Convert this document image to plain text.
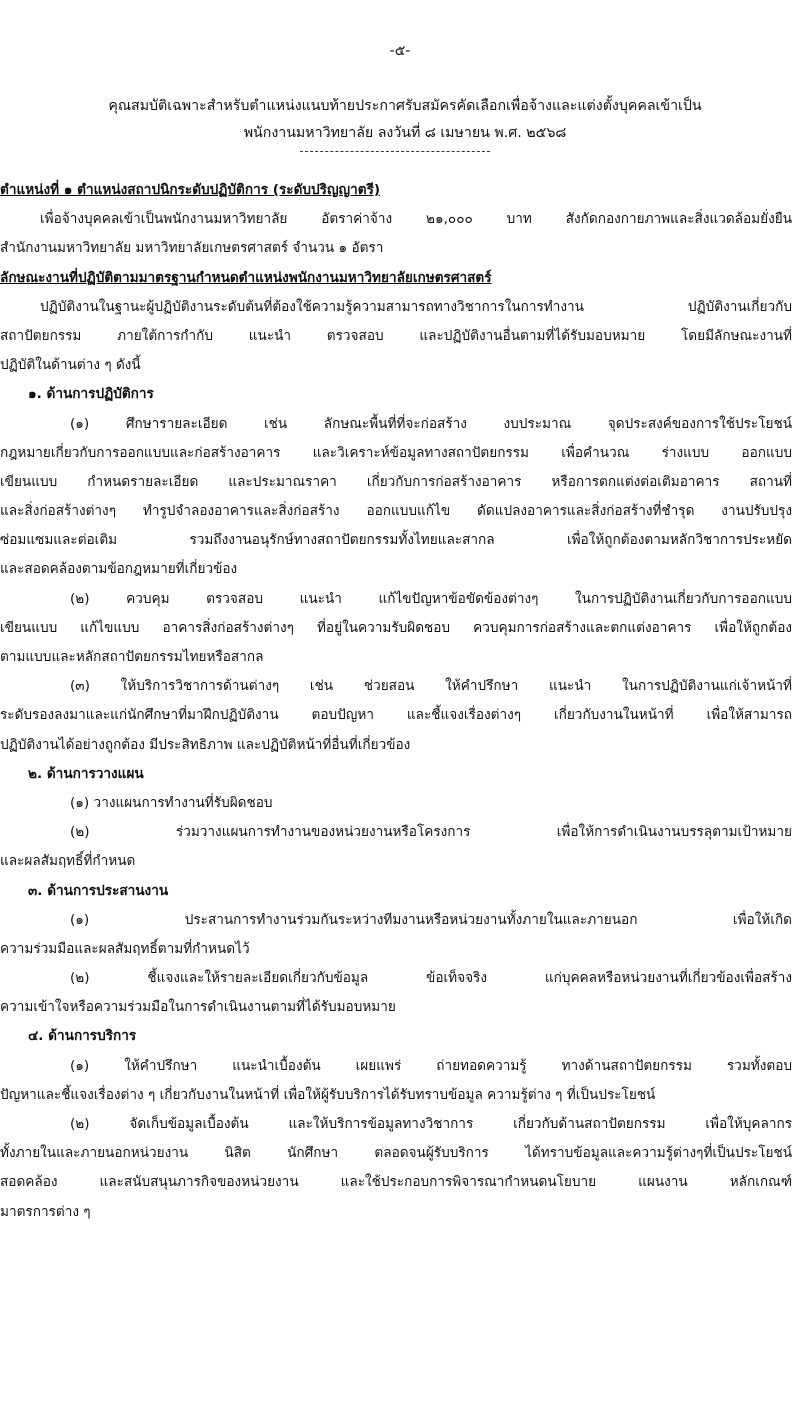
-๕-
คุณสมบัติเฉพาะสำหรับตำแหน่งแนบท้ายประกาศรับสมัครคัดเลือกเพื่อจ้างและแต่งตั้งบุคคลเข้าเป็น
พนักงานมหาวิทยาลัย ลงวันที่ ๘ เมษายน พ.ศ. ๒๕๖๘
ตำแหน่งที่ ๑ ตำแหน่งสถาปนิกระดับปฏิบัติการ (ระดับปริญญาตรี)
เพื่อจ้างบุคคลเข้าเป็นพนักงานมหาวิทยาลัย อัตราค่าจ้าง ๒๑,๐๐๐ บาท สังกัดกองกายภาพและสิ่งแวดล้อมยั่งยืน
สำนักงานมหาวิทยาลัย มหาวิทยาลัยเกษตรศาสตร์ จำนวน ๑ อัตรา
ลักษณะงานที่ปฏิบัติตามมาตรฐานกำหนดตำแหน่งพนักงานมหาวิทยาลัยเกษตรศาสตร์
ปฏิบัติงานในฐานะผู้ปฏิบัติงานระดับต้นที่ต้องใช้ความรู้ความสามารถทางวิชาการในการทำงาน ปฏิบัติงานเกี่ยวกับ
สถาปัตยกรรม ภายใต้การกำกับ แนะนำ ตรวจสอบ และปฏิบัติงานอื่นตามที่ได้รับมอบหมาย โดยมีลักษณะงานที่
ปฏิบัติในด้านต่าง ๆ ดังนี้
๑. ด้านการปฏิบัติการ
(๑) ศึกษารายละเอียด เช่น ลักษณะพื้นที่ที่จะก่อสร้าง งบประมาณ จุดประสงค์ของการใช้ประโยชน์
กฎหมายเกี่ยวกับการออกแบบและก่อสร้างอาคาร และวิเคราะห์ข้อมูลทางสถาปัตยกรรม เพื่อคำนวณ ร่างแบบ ออกแบบ
เขียนแบบ กำหนดรายละเอียด และประมาณราคา เกี่ยวกับการก่อสร้างอาคาร หรือการตกแต่งต่อเติมอาคาร สถานที่
และสิ่งก่อสร้างต่างๆ ทำรูปจำลองอาคารและสิ่งก่อสร้าง ออกแบบแก้ไข ดัดแปลงอาคารและสิ่งก่อสร้างที่ชำรุด งานปรับปรุง
ซ่อมแซมและต่อเติม รวมถึงงานอนุรักษ์ทางสถาปัตยกรรมทั้งไทยและสากล เพื่อให้ถูกต้องตามหลักวิชาการประหยัด
และสอดคล้องตามข้อกฎหมายที่เกี่ยวข้อง
(๒) ควบคุม ตรวจสอบ แนะนำ แก้ไขปัญหาข้อขัดข้องต่างๆ ในการปฏิบัติงานเกี่ยวกับการออกแบบ
เขียนแบบ แก้ไขแบบ อาคารสิ่งก่อสร้างต่างๆ ที่อยู่ในความรับผิดชอบ ควบคุมการก่อสร้างและตกแต่งอาคาร เพื่อให้ถูกต้อง
ตามแบบและหลักสถาปัตยกรรมไทยหรือสากล
(๓) ให้บริการวิชาการด้านต่างๆ เช่น ช่วยสอน ให้คำปรึกษา แนะนำ ในการปฏิบัติงานแก่เจ้าหน้าที่
ระดับรองลงมาและแก่นักศึกษาที่มาฝึกปฏิบัติงาน ตอบปัญหา และชี้แจงเรื่องต่างๆ เกี่ยวกับงานในหน้าที่ เพื่อให้สามารถ
ปฏิบัติงานได้อย่างถูกต้อง มีประสิทธิภาพ และปฏิบัติหน้าที่อื่นที่เกี่ยวข้อง
๒. ด้านการวางแผน
(๑) วางแผนการทำงานที่รับผิดชอบ
(๒) ร่วมวางแผนการทำงานของหน่วยงานหรือโครงการ เพื่อให้การดำเนินงานบรรลุตามเป้าหมาย
และผลสัมฤทธิ์ที่กำหนด
๓. ด้านการประสานงาน
(๑) ประสานการทำงานร่วมกันระหว่างทีมงานหรือหน่วยงานทั้งภายในและภายนอก เพื่อให้เกิด
ความร่วมมือและผลสัมฤทธิ์ตามที่กำหนดไว้
(๒) ชี้แจงและให้รายละเอียดเกี่ยวกับข้อมูล ข้อเท็จจริง แก่บุคคลหรือหน่วยงานที่เกี่ยวข้องเพื่อสร้าง
ความเข้าใจหรือความร่วมมือในการดำเนินงานตามที่ได้รับมอบหมาย
๔. ด้านการบริการ
(๑) ให้คำปรึกษา แนะนำเบื้องต้น เผยแพร่ ถ่ายทอดความรู้ ทางด้านสถาปัตยกรรม รวมทั้งตอบ
ปัญหาและชี้แจงเรื่องต่าง ๆ เกี่ยวกับงานในหน้าที่ เพื่อให้ผู้รับบริการได้รับทราบข้อมูล ความรู้ต่าง ๆ ที่เป็นประโยชน์
(๒) จัดเก็บข้อมูลเบื้องต้น และให้บริการข้อมูลทางวิชาการ เกี่ยวกับด้านสถาปัตยกรรม เพื่อให้บุคลากร
ทั้งภายในและภายนอกหน่วยงาน นิสิต นักศึกษา ตลอดจนผู้รับบริการ ได้ทราบข้อมูลและความรู้ต่างๆที่เป็นประโยชน์
สอดคล้อง และสนับสนุนภารกิจของหน่วยงาน และใช้ประกอบการพิจารณากำหนดนโยบาย แผนงาน หลักเกณฑ์
มาตรการต่าง ๆ
